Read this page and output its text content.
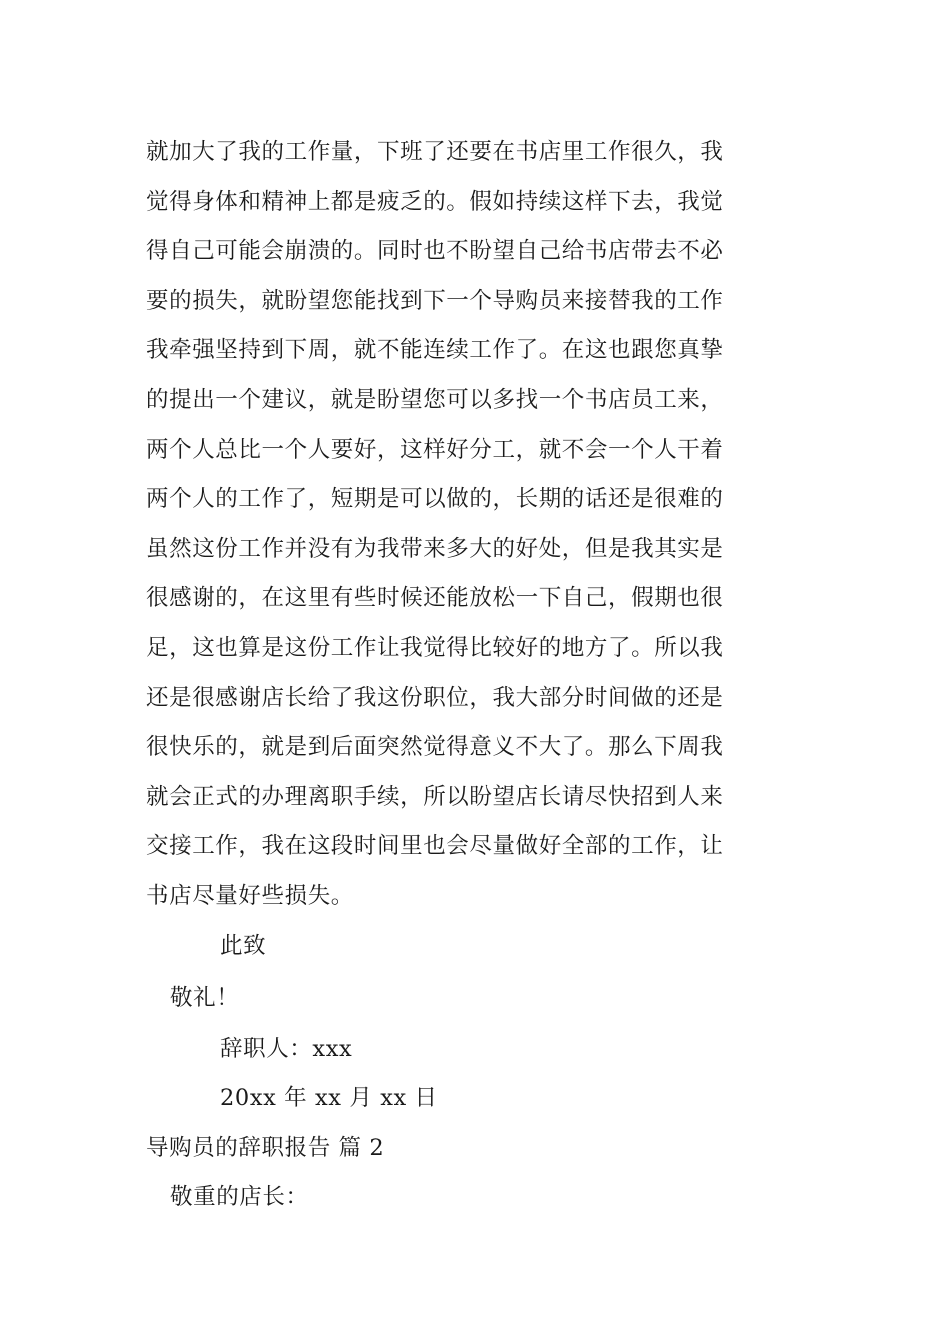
就加大了我的工作量，下班了还要在书店里工作很久，我
觉得身体和精神上都是疲乏的。假如持续这样下去，我觉
得自己可能会崩溃的。同时也不盼望自己给书店带去不必
要的损失，就盼望您能找到下一个导购员来接替我的工作
我牵强坚持到下周，就不能连续工作了。在这也跟您真挚
的提出一个建议，就是盼望您可以多找一个书店员工来，
两个人总比一个人要好，这样好分工，就不会一个人干着
两个人的工作了，短期是可以做的，长期的话还是很难的
虽然这份工作并没有为我带来多大的好处，但是我其实是
很感谢的，在这里有些时候还能放松一下自己，假期也很
足，这也算是这份工作让我觉得比较好的地方了。所以我
还是很感谢店长给了我这份职位，我大部分时间做的还是
很快乐的，就是到后面突然觉得意义不大了。那么下周我
就会正式的办理离职手续，所以盼望店长请尽快招到人来
交接工作，我在这段时间里也会尽量做好全部的工作，让
书店尽量好些损失。
此致
敬礼！
辞职人：xxx
20xx 年 xx 月 xx 日
导购员的辞职报告 篇 2
敬重的店长：
